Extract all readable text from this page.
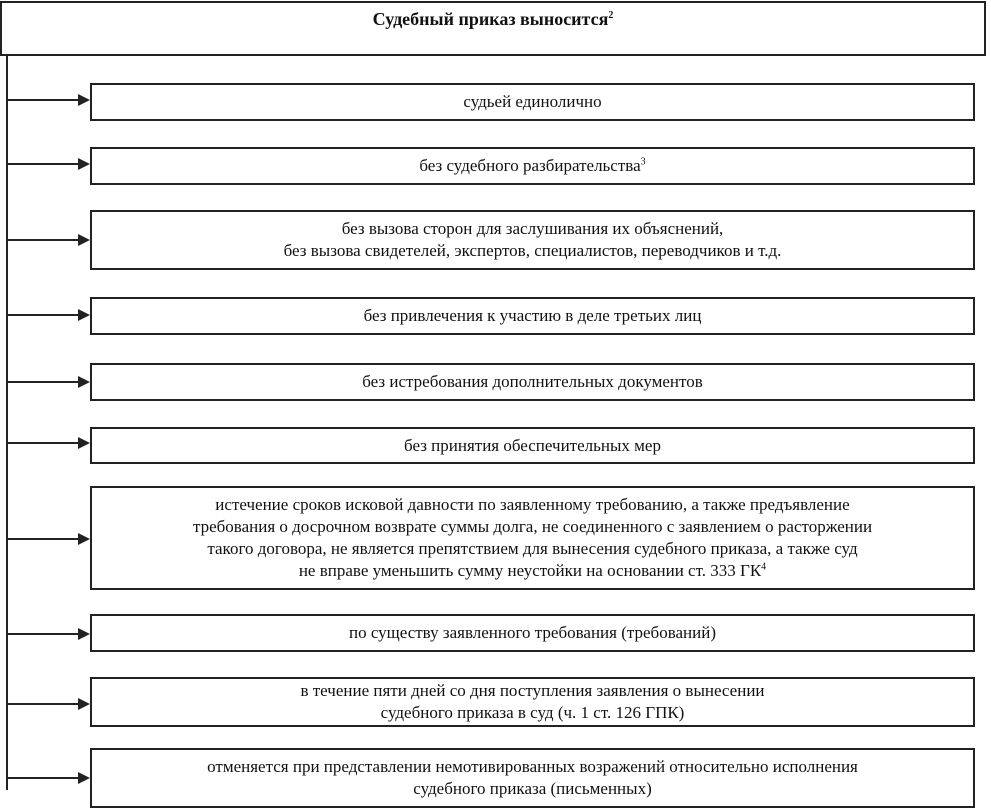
Судебный приказ выносится$^2$
судьей единолично
без судебного разбирательства$^3$
без вызова сторон для заслушивания их объяснений,
без вызова свидетелей, экспертов, специалистов, переводчиков и т.д.
без привлечения к участию в деле третьих лиц
без истребования дополнительных документов
без принятия обеспечительных мер
истечение сроков исковой давности по заявленному требованию, а также предъявление
требования о досрочном возврате суммы долга, не соединенного с заявлением о расторжении
такого договора, не является препятствием для вынесения судебного приказа, а также суд
не вправе уменьшить сумму неустойки на основании ст. 333 $ГК^4$
по существу заявленного требования (требований)
в течение пяти дней со дня поступления заявления о вынесении
судебного приказа в суд (ч. 1 ст. 126 ГПК)
отменяется при представлении немотивированных возражений относительно исполнения
судебного приказа (письменных)
